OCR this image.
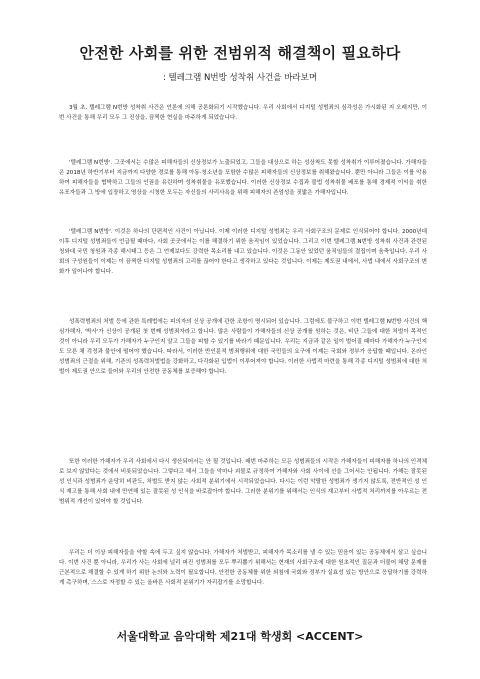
안전한 사회를 위한 전범위적 해결책이 필요하다
: 텔레그램 N번방 성착취 사건을 바라보며

3월 초, 텔레그램 N번방 성착취 사건은 언론에 의해 공론화되기 시작했습니다. 우리 사회에서 디지털 성범죄의 심각성은 가시화된 지 오래지만, 이번 사건을 통해 우리 모두 그 진상을, 끔찍한 현실을 마주하게 되었습니다.

'텔레그램 N번방'. 그곳에서는 수많은 피해자들의 신상정보가 노출되었고, 그들을 대상으로 하는 성상착도 못할 성착취가 이루어졌습니다. 가해자들은 2018년 하반기부터 지금까지 다양한 경로를 통해 아동·청소년을 포함한 수많은 피해자들의 신상정보를 취해왔습니다. 뿐만 아니라 그들은 이를 악용하여 피해자들을 협박하고 그들의 인권을 유린하며 성착취물을 유포했습니다. 이러한 신상정보 수집과 불법 성착취물 배포를 통해 경제적 이익을 취한 유포자들과 그 방에 입장하고 영상을 시청한 모두는 자신들의 사리사욕을 위해 피해자의 존엄성을 짓밟은 가해자입니다.

'텔레그램 N번방'. 이것은 하나의 단편적인 사건이 아닙니다. 이제 이러한 디지털 성범죄는 우리 사회구조의 문제로 인식되어야 합니다. 2000년대 이후 디지털 성범죄들이 언급될 때마다, 사회 곳곳에서는 이를 해결하기 위한 움직임이 있었습니다. 그리고 이번 텔레그램 N번방 성착취 사건과 관련된 청와대 국민 청원과 각종 해시태그 등은 그 언제보다도 강력한 목소리를 내고 있습니다. 이것은 그동안 있었던 움직임들의 결집이며 움축입니다. 우리 사회의 구성원들이 이제는 이 끔찍한 디지털 성범죄의 고리를 끊어야 한다고 생각하고 있다는 것입니다. 이제는 제도권 내에서, 사법 내에서 사회구조의 변화가 일어나야 합니다.

성폭력범죄의 처벌 등에 관한 특례법에는 피의자의 신상 공개에 관한 조항이 명시되어 있습니다. 그럼에도 불구하고 이번 텔레그램 N번방 사건의 핵심가해자, '박사'가 신상이 공개된 첫 번째 성범죄자라고 합니다. 많은 사람들이 가해자들의 신상 공개를 원하는 것은, 비단 그들에 대한 처벌이 목적인 것이 아니라 우리 모두가 가해자가 누구인지 알고 그들을 피할 수 있기를 바라기 때문입니다. 우리는 지금과 같은 일이 벌어질 때마다 가해자가 누구인지도 모른 채 걱정과 불안에 떨어야 했습니다. 따라서, 이러한 반인륜적 범죄행위에 대한 국민들의 요구에 이제는 국회와 정부가 응답할 때입니다. 온라인 성범죄의 근절을 위해, 기존의 성폭력처벌법을 강화하고, 다각화된 입법이 이루어져야 합니다. 이러한 사법적 마련을 통해 각종 디지털 성범죄에 대한 처벌이 제도권 안으로 들어와 우리의 안전한 공동체를 보증해야 합니다.

또한 이러한 가해자가 우리 사회에서 다시 생산되어서는 안 될 것입니다. 매번 마주하는 모든 성범죄들의 시작은 가해자들이 피해자를 하나의 인격체로 보지 않았다는 것에서 비롯되었습니다. 그렇다고 해서 그들을 악마나 괴물로 규정하여 가해자와 사회 사이에 선을 그어서는 안됩니다. 가해는 잘못된 성 인식과 성범죄가 운당히 비판도, 처벌도 받지 않는 사회적 분위기에서 시작되었습니다. 다시는 이런 악랄한 성범죄가 생기지 않도록, 전반적인 성 인식 재고를 통해 사회 내에 만연해 있는 잘못된 성 인식을 바로잡아야 합니다. 그러한 분위기를 위해서는 인식의 재고부터 사법적 처리까지를 아우르는 전범위적 개선이 있어야 할 것입니다.

우리는 더 이상 피해자들을 약할 속에 두고 싶지 않습니다. 가해자가 처벌받고, 피해자가 목소리를 낼 수 있는 믿음이 있는 공동체에서 살고 싶습니다. 이번 사건 뿐 아니라, 우리가 사는 사회에 널리 퍼진 성범죄를 모두 뿌리뽑기 위해서는 현재의 사회구조에 대한 원초적인 질문과 더불어 해당 문제를 근본적으로 해결할 수 있게 하기 위한 논의와 노력이 필요합니다. 안전한 공동체를 위한 외침에 국회와 정부가 실효성 있는 방안으로 응답하기를 강력하게 촉구하며, 스스로 자정할 수 있는 올바른 사회적 분위기가 자리잡기를 소망합니다.

서울대학교 음악대학 제21대 학생회 <ACCENT>
